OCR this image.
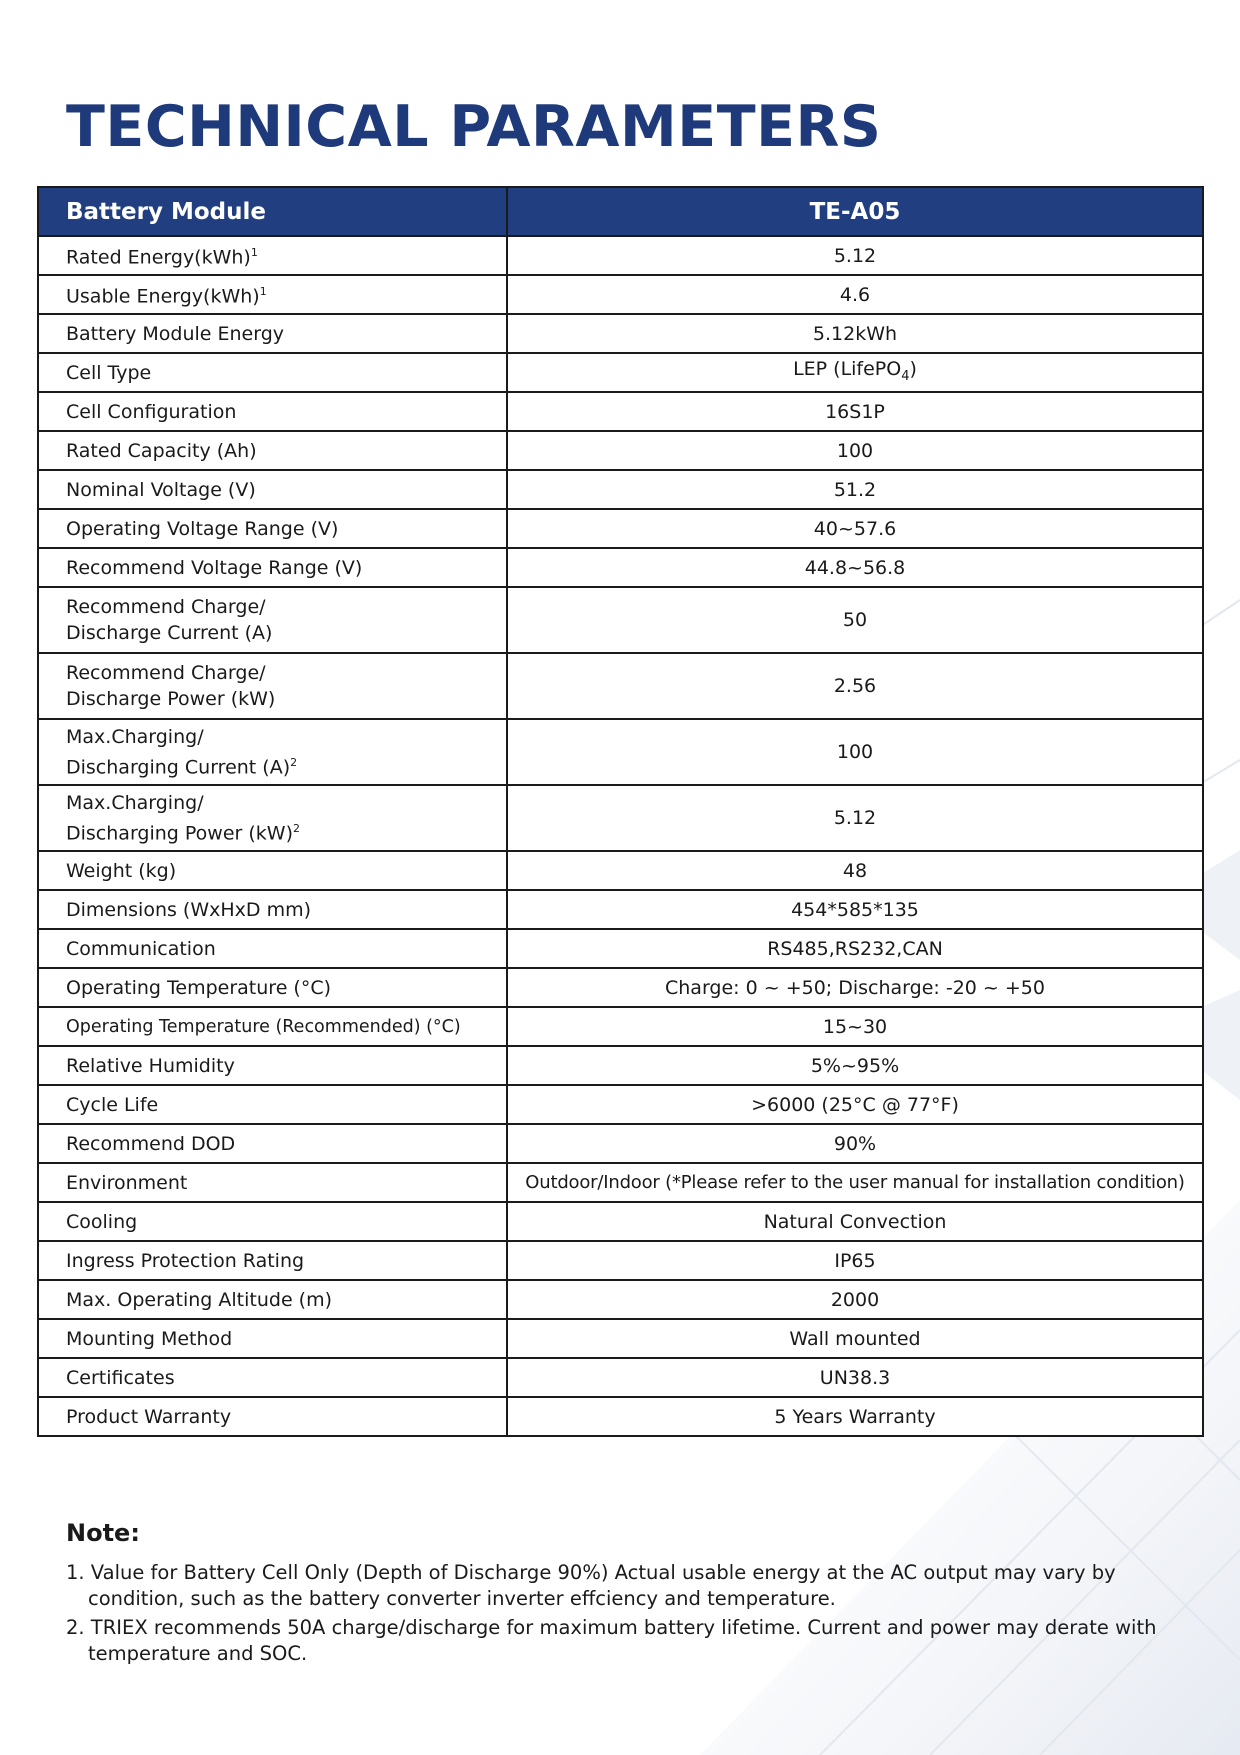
TECHNICAL PARAMETERS
Battery Module	TE-A05
Rated Energy(kWh)$^1$	5.12
Usable Energy(kWh)$^1$	4.6
Battery Module Energy	5.12kWh
Cell Type	LEP (LifePO$_4$)
Cell Configuration	16S1P
Rated Capacity (Ah)	100
Nominal Voltage (V)	51.2
Operating Voltage Range (V)	40~57.6
Recommend Voltage Range (V)	44.8~56.8

Recommend Charge/
Discharge Current (A)	50

Recommend Charge/
Discharge Power (kW)	2.56

Max.Charging/
Discharging Current $(A)^2$	100

Max.Charging/
Discharging Power (kW)$^2$	5.12
Weight (kg)	48
Dimensions (WxHxD mm)	454*585*135
Communication	RS485,RS232,CAN
Operating Temperature (°C)	Charge: 0 ~ +50; Discharge: -20 ~ +50
Operating Temperature (Recommended) (°C)	15~30
Relative Humidity	5%~95%
Cycle Life	>6000 (25°C @ 77°F)
Recommend DOD	90%
Environment	Outdoor/Indoor (*Please refer to the user manual for installation condition)
Cooling	Natural Convection
Ingress Protection Rating	IP65
Max. Operating Altitude (m)	2000
Mounting Method	Wall mounted
Certificates	UN38.3
Product Warranty	5 Years Warranty
Note:
1. Value for Battery Cell Only (Depth of Discharge 90%) Actual usable energy at the AC output may vary by condition, such as the battery converter inverter effciency and temperature.
2. TRIEX recommends 50A charge/discharge for maximum battery lifetime. Current and power may derate with temperature and SOC.
